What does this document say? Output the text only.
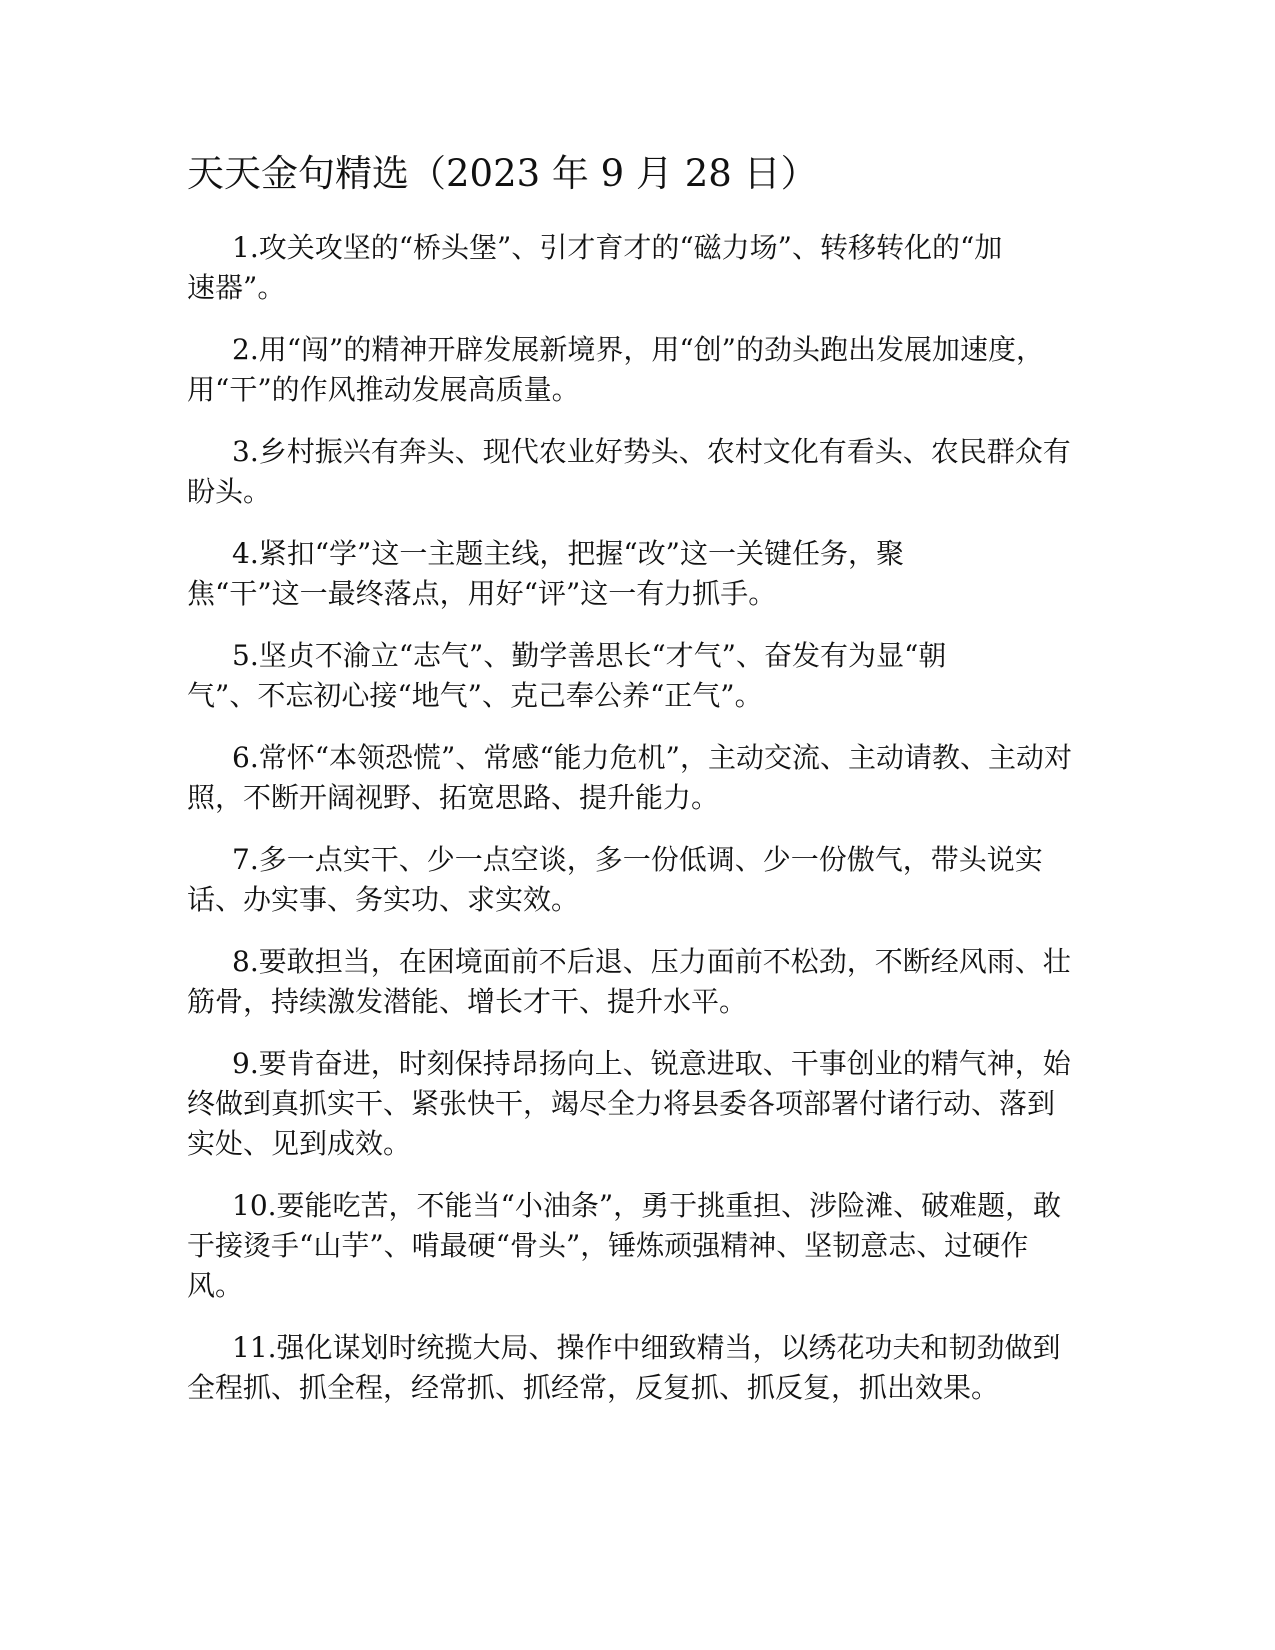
天天金句精选（2023 年 9 月 28 日）
1.攻关攻坚的“桥头堡”、引才育才的“磁力场”、转移转化的“加速器”。
2.用“闯”的精神开辟发展新境界，用“创”的劲头跑出发展加速度，用“干”的作风推动发展高质量。
3.乡村振兴有奔头、现代农业好势头、农村文化有看头、农民群众有盼头。
4.紧扣“学”这一主题主线，把握“改”这一关键任务，聚焦“干”这一最终落点，用好“评”这一有力抓手。
5.坚贞不渝立“志气”、勤学善思长“才气”、奋发有为显“朝气”、不忘初心接“地气”、克己奉公养“正气”。
6.常怀“本领恐慌”、常感“能力危机”，主动交流、主动请教、主动对照，不断开阔视野、拓宽思路、提升能力。
7.多一点实干、少一点空谈，多一份低调、少一份傲气，带头说实话、办实事、务实功、求实效。
8.要敢担当，在困境面前不后退、压力面前不松劲，不断经风雨、壮筋骨，持续激发潜能、增长才干、提升水平。
9.要肯奋进，时刻保持昂扬向上、锐意进取、干事创业的精气神，始终做到真抓实干、紧张快干，竭尽全力将县委各项部署付诸行动、落到实处、见到成效。
10.要能吃苦，不能当“小油条”，勇于挑重担、涉险滩、破难题，敢于接烫手“山芋”、啃最硬“骨头”，锤炼顽强精神、坚韧意志、过硬作风。
11.强化谋划时统揽大局、操作中细致精当，以绣花功夫和韧劲做到全程抓、抓全程，经常抓、抓经常，反复抓、抓反复，抓出效果。
